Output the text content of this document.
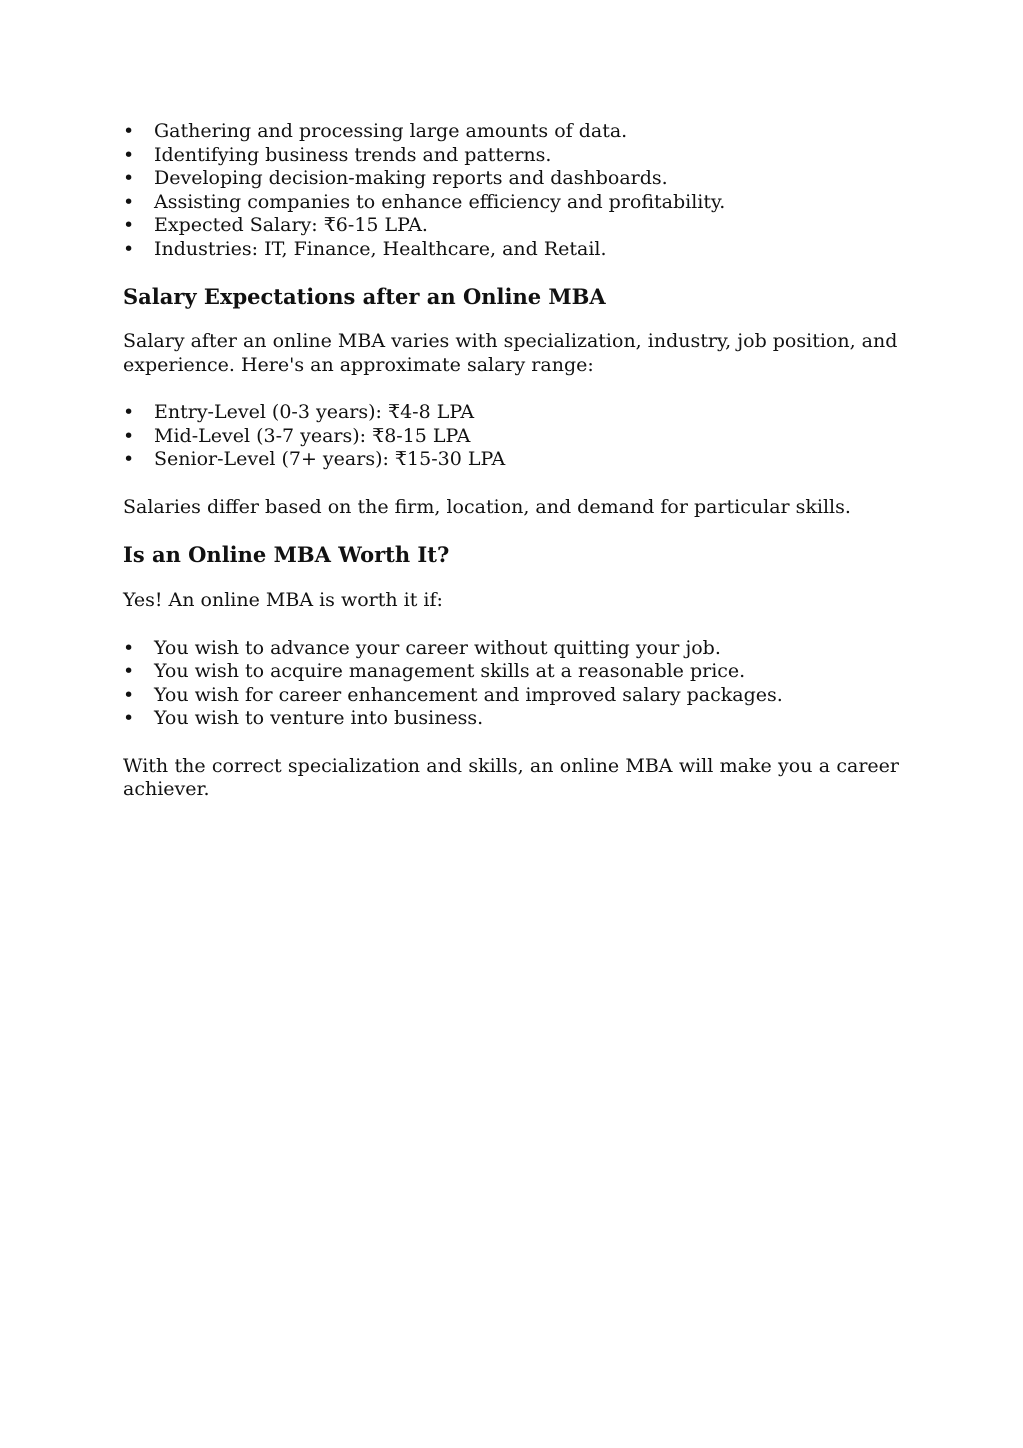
• Gathering and processing large amounts of data.
• Identifying business trends and patterns.
• Developing decision-making reports and dashboards.
• Assisting companies to enhance efficiency and profitability.
• Expected Salary: ₹6-15 LPA.
• Industries: IT, Finance, Healthcare, and Retail.
Salary Expectations after an Online MBA

Salary after an online MBA varies with specialization, industry, job position, and experience. Here's an approximate salary range:

• Entry-Level (0-3 years): ₹4-8 LPA
• Mid-Level (3-7 years): ₹8-15 LPA
• Senior-Level (7+ years): ₹15-30 LPA

Salaries differ based on the firm, location, and demand for particular skills.

Is an Online MBA Worth It?

Yes! An online MBA is worth it if:

• You wish to advance your career without quitting your job.
• You wish to acquire management skills at a reasonable price.
• You wish for career enhancement and improved salary packages.
• You wish to venture into business.

With the correct specialization and skills, an online MBA will make you a career achiever.
